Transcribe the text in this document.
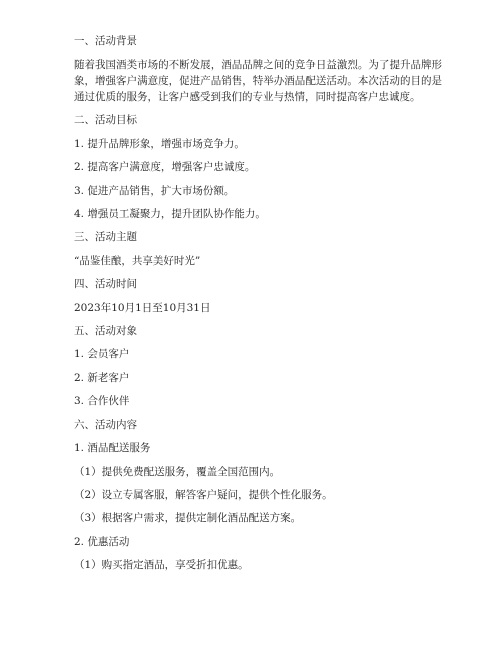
一、活动背景
随着我国酒类市场的不断发展，酒品品牌之间的竞争日益激烈。为了提升品牌形象，增强客户满意度，促进产品销售，特举办酒品配送活动。本次活动的目的是通过优质的服务，让客户感受到我们的专业与热情，同时提高客户忠诚度。
二、活动目标
1. 提升品牌形象，增强市场竞争力。
2. 提高客户满意度，增强客户忠诚度。
3. 促进产品销售，扩大市场份额。
4. 增强员工凝聚力，提升团队协作能力。
三、活动主题
“品鉴佳酿，共享美好时光”
四、活动时间
2023年10月1日至10月31日
五、活动对象
1. 会员客户
2. 新老客户
3. 合作伙伴
六、活动内容
1. 酒品配送服务
（1）提供免费配送服务，覆盖全国范围内。
（2）设立专属客服，解答客户疑问，提供个性化服务。
（3）根据客户需求，提供定制化酒品配送方案。
2. 优惠活动
（1）购买指定酒品，享受折扣优惠。
